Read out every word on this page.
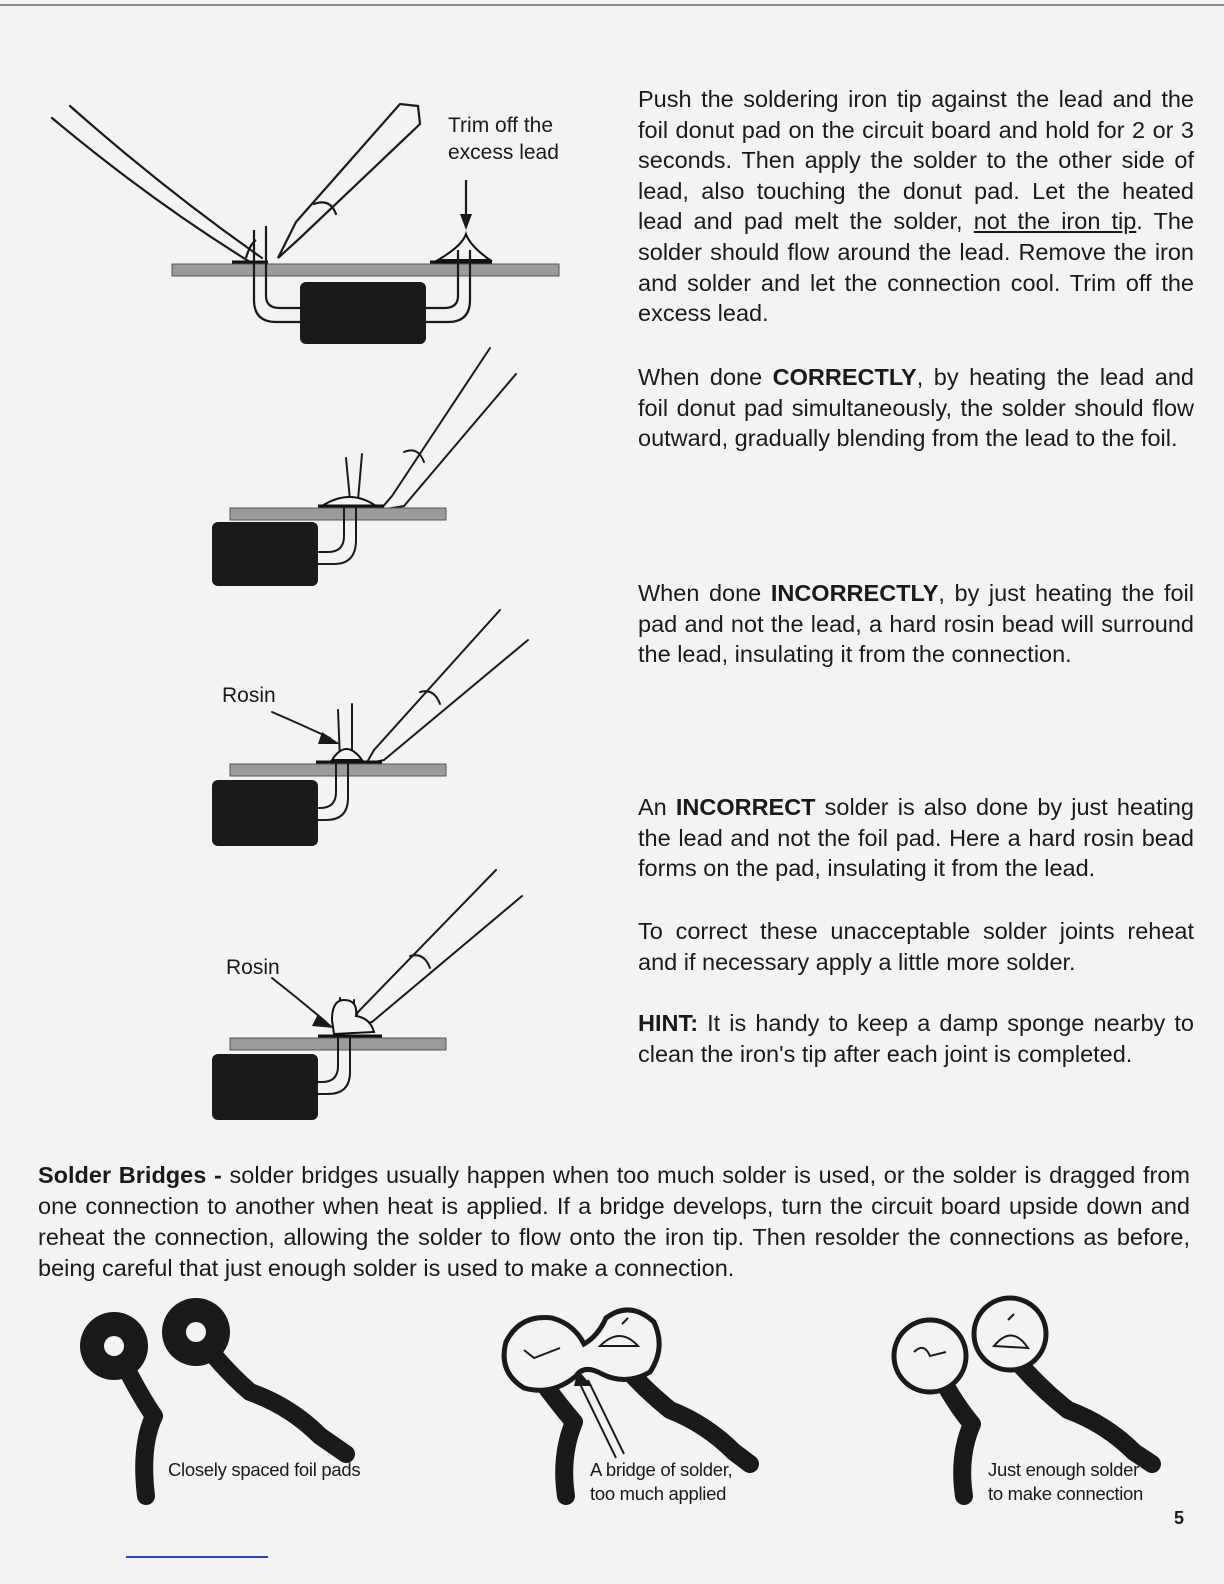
Trim off the excess lead
Rosin
Rosin

Push the soldering iron tip against the lead and the foil donut pad on the circuit board and hold for 2 or 3 seconds. Then apply the solder to the other side of lead, also touching the donut pad. Let the heated lead and pad melt the solder, not the iron tip. The solder should flow around the lead. Remove the iron and solder and let the connection cool. Trim off the excess lead.

When done CORRECTLY, by heating the lead and foil donut pad simultaneously, the solder should flow outward, gradually blending from the lead to the foil.

When done INCORRECTLY, by just heating the foil pad and not the lead, a hard rosin bead will surround the lead, insulating it from the connection.

An INCORRECT solder is also done by just heating the lead and not the foil pad. Here a hard rosin bead forms on the pad, insulating it from the lead.

To correct these unacceptable solder joints reheat and if necessary apply a little more solder.

HINT: It is handy to keep a damp sponge nearby to clean the iron's tip after each joint is completed.

Solder Bridges - solder bridges usually happen when too much solder is used, or the solder is dragged from one connection to another when heat is applied. If a bridge develops, turn the circuit board upside down and reheat the connection, allowing the solder to flow onto the iron tip. Then resolder the connections as before, being careful that just enough solder is used to make a connection.

Closely spaced foil pads	A bridge of solder,
too much applied
Just enough solder
to make connection
5
